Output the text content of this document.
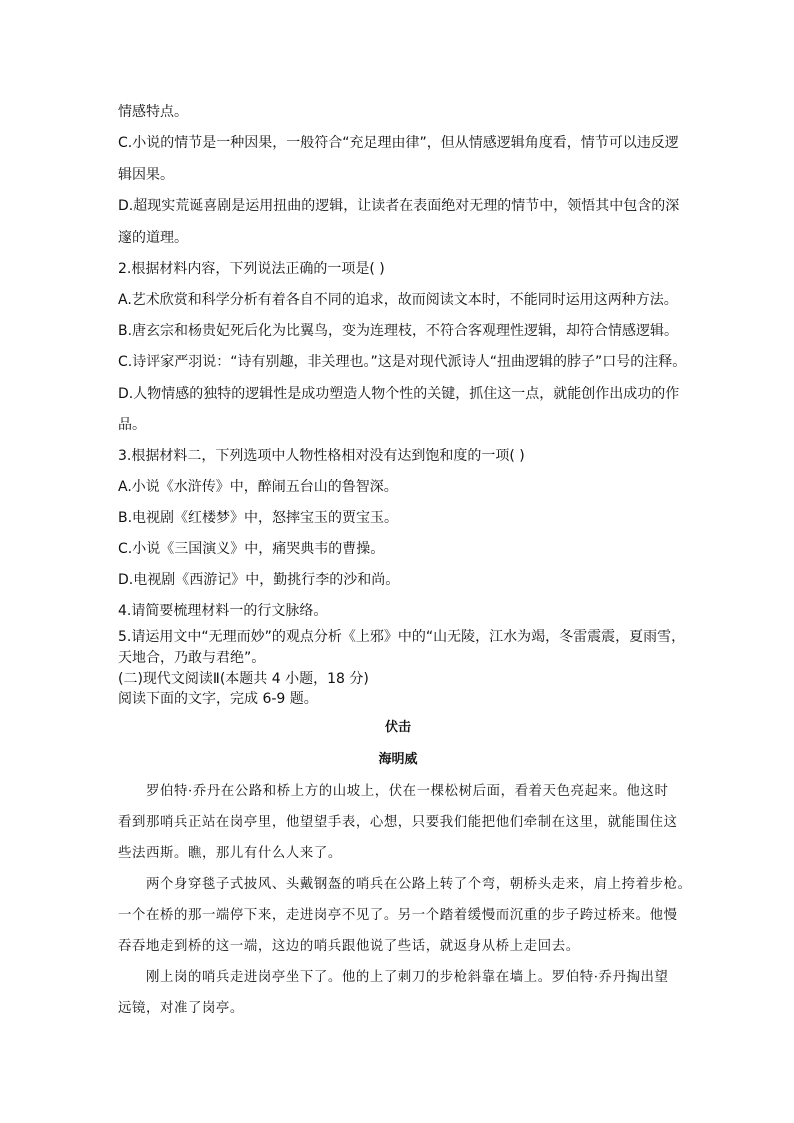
情感特点。
C.小说的情节是一种因果，一般符合“充足理由律”，但从情感逻辑角度看，情节可以违反逻
辑因果。
D.超现实荒诞喜剧是运用扭曲的逻辑，让读者在表面绝对无理的情节中，领悟其中包含的深
邃的道理。
2.根据材料内容，下列说法正确的一项是( )
A.艺术欣赏和科学分析有着各自不同的追求，故而阅读文本时，不能同时运用这两种方法。
B.唐玄宗和杨贵妃死后化为比翼鸟，变为连理枝，不符合客观理性逻辑，却符合情感逻辑。
C.诗评家严羽说：“诗有别趣，非关理也。”这是对现代派诗人“扭曲逻辑的脖子”口号的注释。
D.人物情感的独特的逻辑性是成功塑造人物个性的关键，抓住这一点，就能创作出成功的作
品。
3.根据材料二，下列选项中人物性格相对没有达到饱和度的一项( )
A.小说《水浒传》中，醉闹五台山的鲁智深。
B.电视剧《红楼梦》中，怒摔宝玉的贾宝玉。
C.小说《三国演义》中，痛哭典韦的曹操。
D.电视剧《西游记》中，勤挑行李的沙和尚。
4.请简要梳理材料一的行文脉络。
5.请运用文中“无理而妙”的观点分析《上邪》中的“山无陵，江水为竭，冬雷震震，夏雨雪，
天地合，乃敢与君绝”。
(二)现代文阅读Ⅱ(本题共 4 小题，18 分)
阅读下面的文字，完成 6-9 题。
伏击
海明威
罗伯特·乔丹在公路和桥上方的山坡上，伏在一棵松树后面，看着天色亮起来。他这时
看到那哨兵正站在岗亭里，他望望手表，心想，只要我们能把他们牵制在这里，就能围住这
些法西斯。瞧，那儿有什么人来了。
两个身穿毯子式披风、头戴钢盔的哨兵在公路上转了个弯，朝桥头走来，肩上挎着步枪。
一个在桥的那一端停下来，走进岗亭不见了。另一个踏着缓慢而沉重的步子跨过桥来。他慢
吞吞地走到桥的这一端，这边的哨兵跟他说了些话，就返身从桥上走回去。
刚上岗的哨兵走进岗亭坐下了。他的上了刺刀的步枪斜靠在墙上。罗伯特·乔丹掏出望
远镜，对准了岗亭。
